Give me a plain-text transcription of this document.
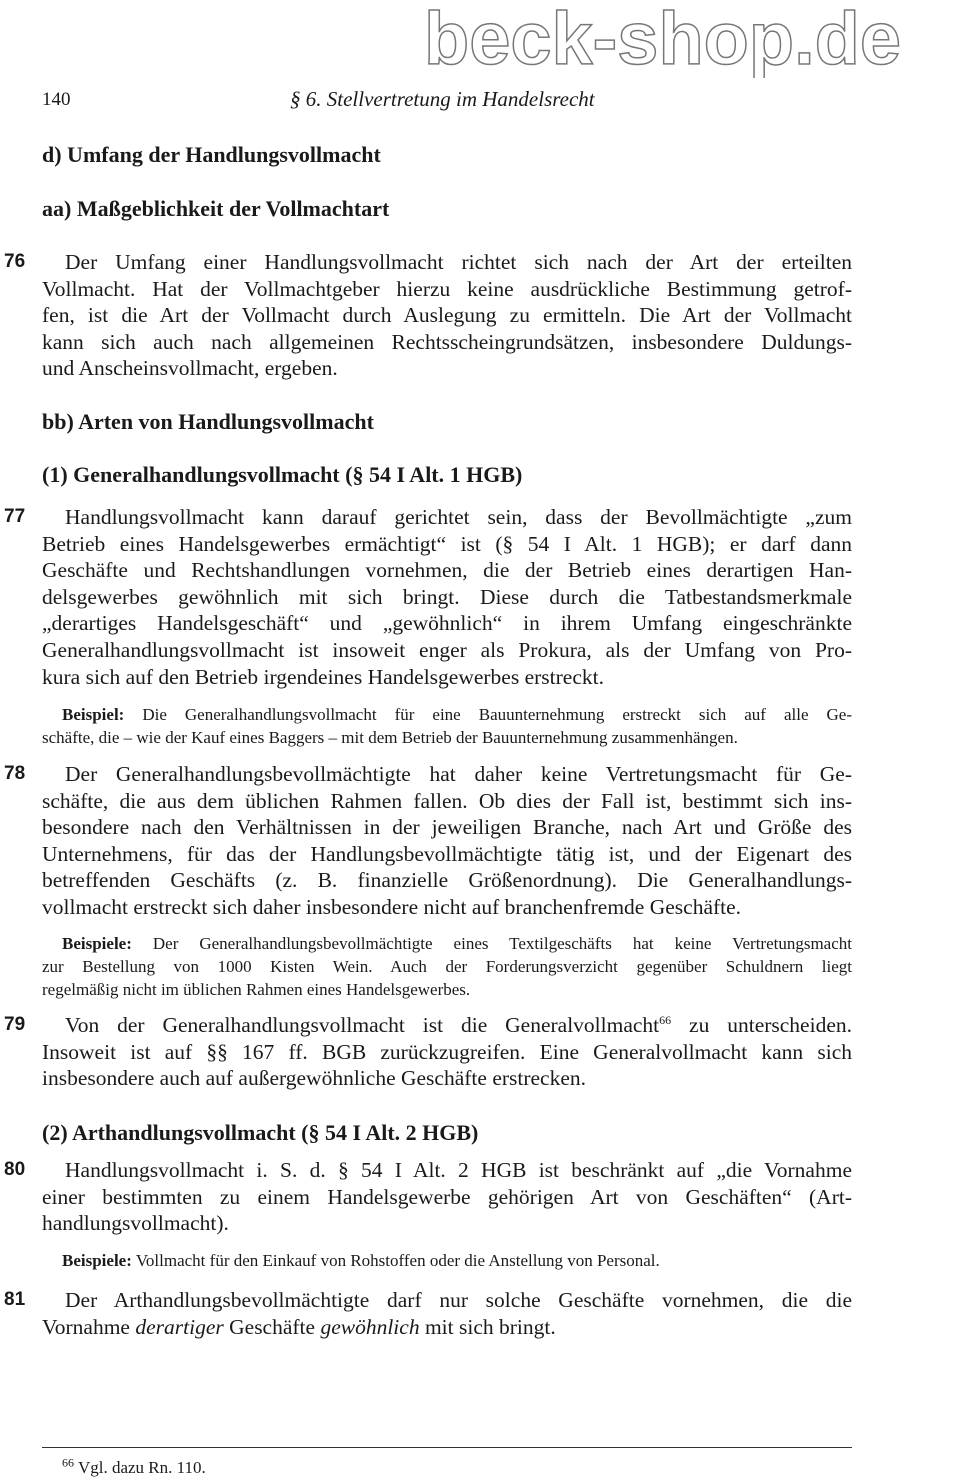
beck-shop.de
140	§ 6. Stellvertretung im Handelsrecht
d) Umfang der Handlungsvollmacht
aa) Maßgeblichkeit der Vollmachtart
76	Der Umfang einer Handlungsvollmacht richtet sich nach der Art der erteilten
Vollmacht. Hat der Vollmachtgeber hierzu keine ausdrückliche Bestimmung getrof-
fen, ist die Art der Vollmacht durch Auslegung zu ermitteln. Die Art der Vollmacht
kann sich auch nach allgemeinen Rechtsscheingrundsätzen, insbesondere Duldungs-
und Anscheinsvollmacht, ergeben.
bb) Arten von Handlungsvollmacht
(1) Generalhandlungsvollmacht (§ 54 I Alt. 1 HGB)
77	Handlungsvollmacht kann darauf gerichtet sein, dass der Bevollmächtigte „zum
Betrieb eines Handelsgewerbes ermächtigt“ ist (§ 54 I Alt. 1 HGB); er darf dann
Geschäfte und Rechtshandlungen vornehmen, die der Betrieb eines derartigen Han-
delsgewerbes gewöhnlich mit sich bringt. Diese durch die Tatbestandsmerkmale
„derartiges Handelsgeschäft“ und „gewöhnlich“ in ihrem Umfang eingeschränkte
Generalhandlungsvollmacht ist insoweit enger als Prokura, als der Umfang von Pro-
kura sich auf den Betrieb irgendeines Handelsgewerbes erstreckt.
Beispiel: Die Generalhandlungsvollmacht für eine Bauunternehmung erstreckt sich auf alle Ge-
schäfte, die – wie der Kauf eines Baggers – mit dem Betrieb der Bauunternehmung zusammenhängen.
78	Der Generalhandlungsbevollmächtigte hat daher keine Vertretungsmacht für Ge-
schäfte, die aus dem üblichen Rahmen fallen. Ob dies der Fall ist, bestimmt sich ins-
besondere nach den Verhältnissen in der jeweiligen Branche, nach Art und Größe des
Unternehmens, für das der Handlungsbevollmächtigte tätig ist, und der Eigenart des
betreffenden Geschäfts (z. B. finanzielle Größenordnung). Die Generalhandlungs-
vollmacht erstreckt sich daher insbesondere nicht auf branchenfremde Geschäfte.
Beispiele: Der Generalhandlungsbevollmächtigte eines Textilgeschäfts hat keine Vertretungsmacht
zur Bestellung von 1000 Kisten Wein. Auch der Forderungsverzicht gegenüber Schuldnern liegt
regelmäßig nicht im üblichen Rahmen eines Handelsgewerbes.
79	Von der Generalhandlungsvollmacht ist die Generalvollmacht$^{66}$ zu unterscheiden.
Insoweit ist auf §§ 167 ff. BGB zurückzugreifen. Eine Generalvollmacht kann sich
insbesondere auch auf außergewöhnliche Geschäfte erstrecken.
(2) Arthandlungsvollmacht (§ 54 I Alt. 2 HGB)
80	Handlungsvollmacht i. S. d. § 54 I Alt. 2 HGB ist beschränkt auf „die Vornahme
einer bestimmten zu einem Handelsgewerbe gehörigen Art von Geschäften“ (Art-
handlungsvollmacht).
Beispiele: Vollmacht für den Einkauf von Rohstoffen oder die Anstellung von Personal.
81	Der Arthandlungsbevollmächtigte darf nur solche Geschäfte vornehmen, die die
Vornahme derartiger Geschäfte gewöhnlich mit sich bringt.
$^{66}$ Vgl. dazu Rn. 110.
